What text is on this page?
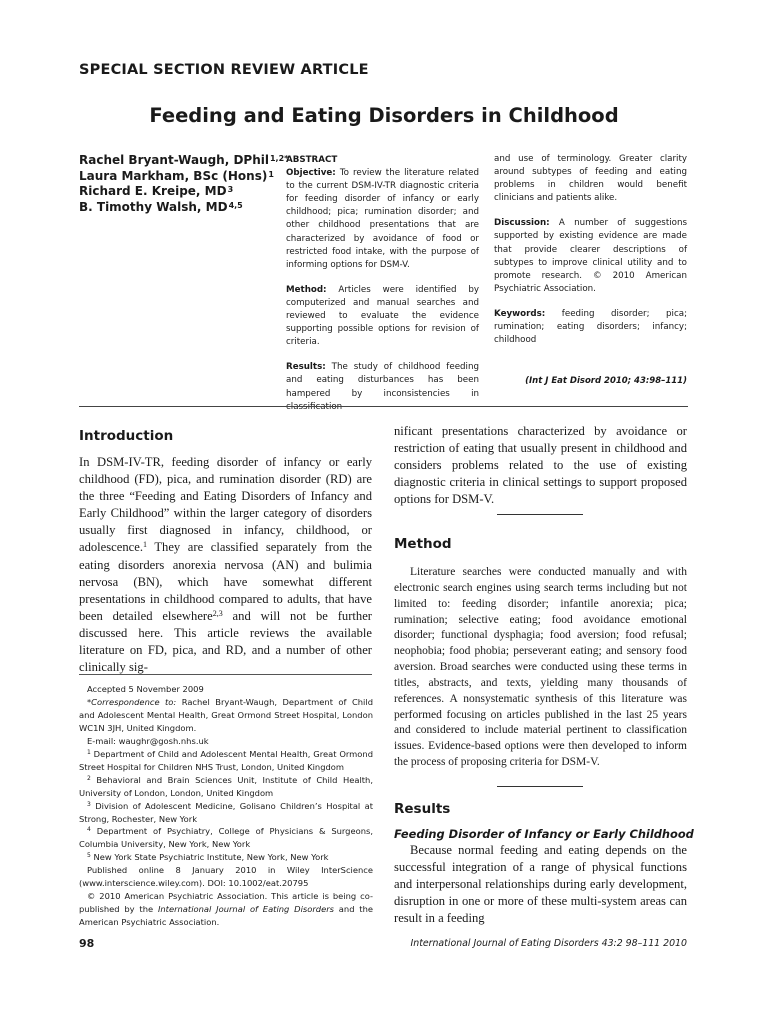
SPECIAL SECTION REVIEW ARTICLE
Feeding and Eating Disorders in Childhood
Rachel Bryant-Waugh, DPhil$^{1,2*}$
Laura Markham, BSc (Hons)$^1$
Richard E. Kreipe, $MD^3$
B. Timothy Walsh, MD$^{4,5}$
ABSTRACT

Objective: To review the literature related to the current DSM-IV-TR diagnostic criteria for feeding disorder of infancy or early childhood; pica; rumination disorder; and other childhood presentations that are characterized by avoidance of food or restricted food intake, with the purpose of informing options for DSM-V.

Method: Articles were identified by computerized and manual searches and reviewed to evaluate the evidence supporting possible options for revision of criteria.

Results: The study of childhood feeding and eating disturbances has been hampered by inconsistencies in classification

and use of terminology. Greater clarity around subtypes of feeding and eating problems in children would benefit clinicians and patients alike.

Discussion: A number of suggestions supported by existing evidence are made that provide clearer descriptions of subtypes to improve clinical utility and to promote research. © 2010 American Psychiatric Association.

Keywords: feeding disorder; pica; rumination; eating disorders; infancy; childhood

(Int J Eat Disord 2010; 43:98–111)
Introduction
In DSM-IV-TR, feeding disorder of infancy or early childhood (FD), pica, and rumination disorder (RD) are the three “Feeding and Eating Disorders of Infancy and Early Childhood” within the larger category of disorders usually first diagnosed in infancy, childhood, or adolescence.$^1$ They are classified separately from the eating disorders anorexia nervosa (AN) and bulimia nervosa (BN), which have somewhat different presentations in childhood compared to adults, that have been detailed elsewhere$^{2,3}$ and will not be further discussed here. This article reviews the available literature on FD, pica, and RD, and a number of other clinically sig-
nificant presentations characterized by avoidance or restriction of eating that usually present in childhood and considers problems related to the use of existing diagnostic criteria in clinical settings to support proposed options for DSM-V.
Method
Literature searches were conducted manually and with electronic search engines using search terms including but not limited to: feeding disorder; infantile anorexia; pica; rumination; selective eating; food avoidance emotional disorder; functional dysphagia; food aversion; food refusal; neophobia; food phobia; perseverant eating; and sensory food aversion. Broad searches were conducted using these terms in titles, abstracts, and texts, yielding many thousands of references. A nonsystematic synthesis of this literature was performed focusing on articles published in the last 25 years and considered to include material pertinent to classification issues. Evidence-based options were then developed to inform the process of proposing criteria for DSM-V.
Results
Feeding Disorder of Infancy or Early Childhood
Because normal feeding and eating depends on the successful integration of a range of physical functions and interpersonal relationships during early development, disruption in one or more of these multi-system areas can result in a feeding
Accepted 5 November 2009
*Correspondence to: Rachel Bryant-Waugh, Department of Child and Adolescent Mental Health, Great Ormond Street Hospital, London WC1N 3JH, United Kingdom.
E-mail: waughr@gosh.nhs.uk
$^1$ Department of Child and Adolescent Mental Health, Great Ormond Street Hospital for Children NHS Trust, London, United Kingdom
$^2$ Behavioral and Brain Sciences Unit, Institute of Child Health, University of London, London, United Kingdom
$^3$ Division of Adolescent Medicine, Golisano Children’s Hospital at Strong, Rochester, New York
$^4$ Department of Psychiatry, College of Physicians & Surgeons, Columbia University, New York, New York
$^5$ New York State Psychiatric Institute, New York, New York
Published online 8 January 2010 in Wiley InterScience (www.interscience.wiley.com). DOI: 10.1002/eat.20795
© 2010 American Psychiatric Association. This article is being co-published by the International Journal of Eating Disorders and the American Psychiatric Association.
98	International Journal of Eating Disorders 43:2 98–111 2010
